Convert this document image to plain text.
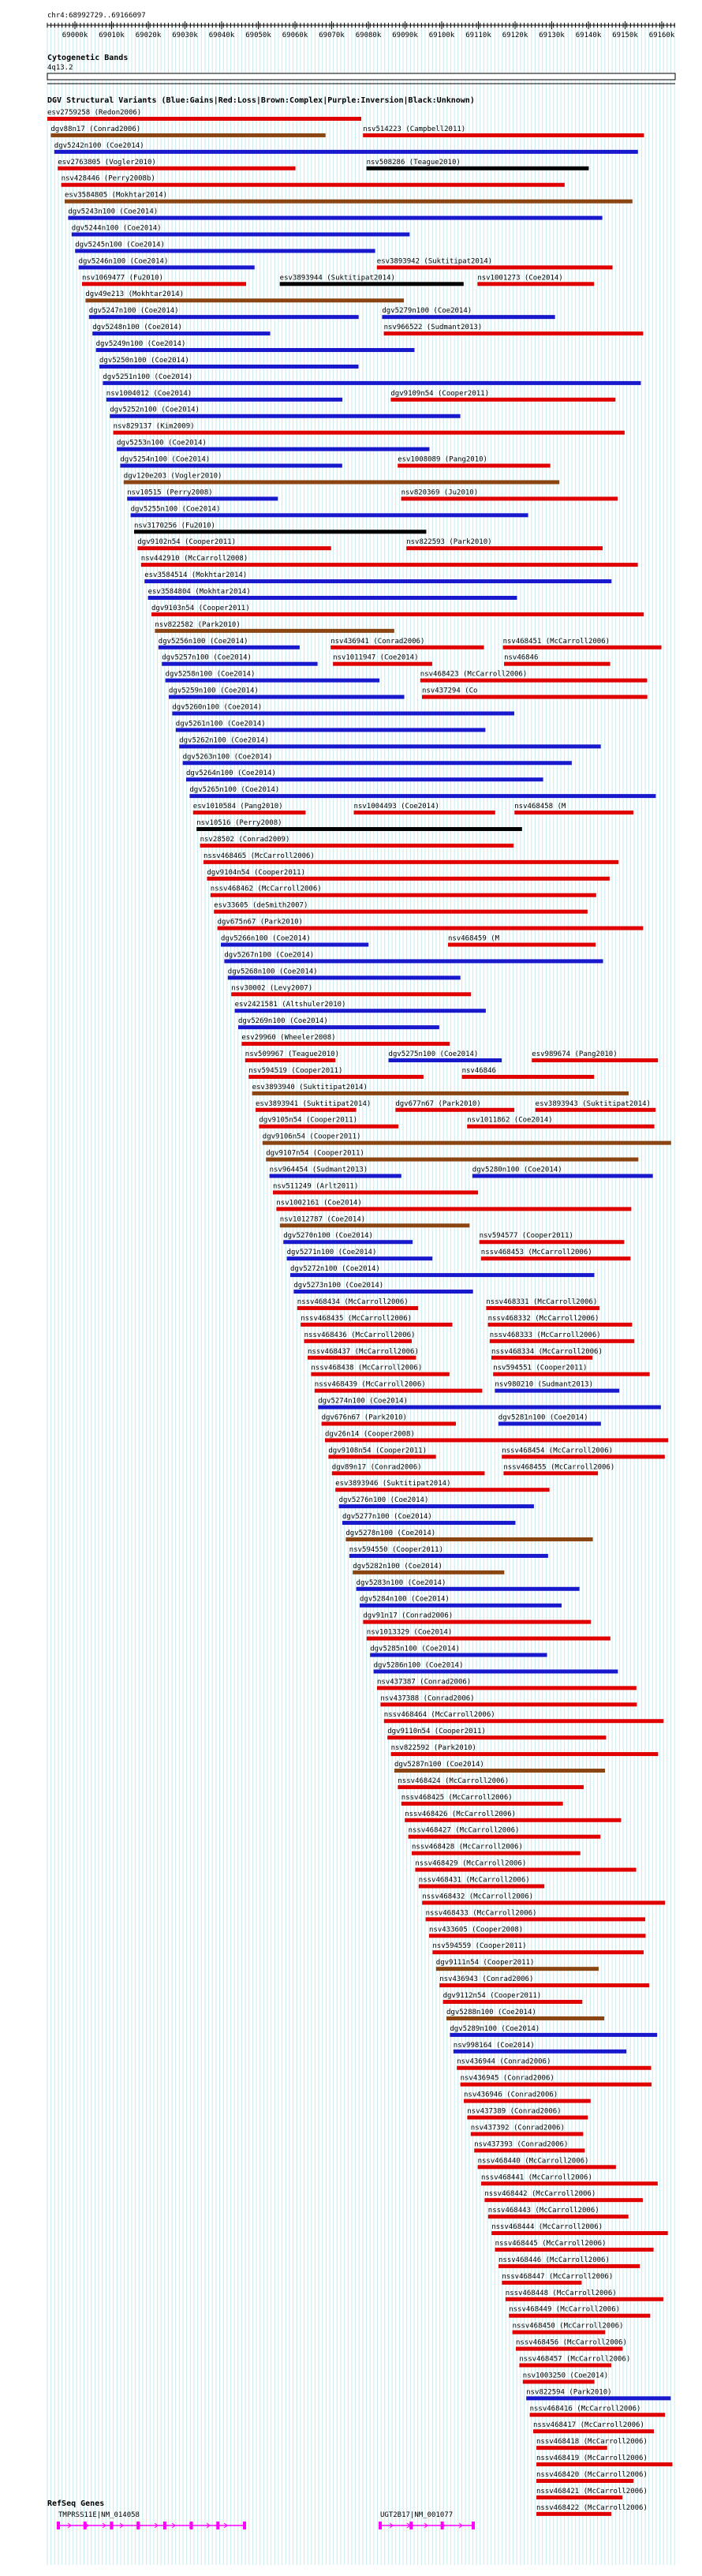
chr4:68992729..69166097
69000k 69010k 69020k 69030k 69040k 69050k 69060k 69070k 69080k 69090k 69100k 69110k 69120k 69130k 69140k 69150k 69160k
Cytogenetic Bands
4q13.2
DGV Structural Variants (Blue:Gains|Red:Loss|Brown:Complex|Purple:Inversion|Black:Unknown)
esv2759258 (Redon2006)
dgv88n17 (Conrad2006)	nsv514223 (Campbell2011)
dgv5242n100 (Coe2014)
esv2763805 (Vogler2010)	nsv508286 (Teague2010)
nsv428446 (Perry2008b)
esv3584805 (Mokhtar2014)
dgv5243n100 (Coe2014)
dgv5244n100 (Coe2014)
dgv5245n100 (Coe2014)
dgv5246n100 (Coe2014)	esv3893942 (Suktitipat2014)
nsv1069477 (Fu2010)	esv3893944 (Suktitipat2014)	nsv1001273 (Coe2014)
dgv49e213 (Mokhtar2014)
dgv5247n100 (Coe2014)	dgv5279n100 (Coe2014)
dgv5248n100 (Coe2014)	nsv966522 (Sudmant2013)
dgv5249n100 (Coe2014)
dgv5250n100 (Coe2014)
dgv5251n100 (Coe2014)
nsv1004012 (Coe2014)	dgv9109n54 (Cooper2011)
dgv5252n100 (Coe2014)
nsv829137 (Kim2009)
dgv5253n100 (Coe2014)
dgv5254n100 (Coe2014)	esv1008089 (Pang2010)
dgv120e203 (Vogler2010)
nsv10515 (Perry2008)	nsv820369 (Ju2010)
dgv5255n100 (Coe2014)
nsv3170256 (Fu2010)
dgv9102n54 (Cooper2011)	nsv822593 (Park2010)
nsv442910 (McCarroll2008)
esv3584514 (Mokhtar2014)
esv3584804 (Mokhtar2014)
dgv9103n54 (Cooper2011)
nsv822582 (Park2010)
dgv5256n100 (Coe2014)	nsv436941 (Conrad2006)	nsv468451 (McCarroll2006)
dgv5257n100 (Coe2014)	nsv1011947 (Coe2014)	nsv46846
dgv5258n100 (Coe2014)	nsv468423 (McCarroll2006)
dgv5259n100 (Coe2014)	nsv437294 (Co
dgv5260n100 (Coe2014)
dgv5261n100 (Coe2014)
dgv5262n100 (Coe2014)
dgv5263n100 (Coe2014)
dgv5264n100 (Coe2014)
dgv5265n100 (Coe2014)
esv1010584 (Pang2010)	nsv1004493 (Coe2014)	nsv468458 (M
nsv10516 (Perry2008)
nsv28502 (Conrad2009)
nssv468465 (McCarroll2006)
dgv9104n54 (Cooper2011)
nssv468462 (McCarroll2006)
esv33605 (deSmith2007)
dgv675n67 (Park2010)
dgv5266n100 (Coe2014)	nsv468459 (M
dgv5267n100 (Coe2014)
dgv5268n100 (Coe2014)
nsv30002 (Levy2007)
esv2421581 (Altshuler2010)
dgv5269n100 (Coe2014)
esv29960 (Wheeler2008)
nsv509967 (Teague2010)	dgv5275n100 (Coe2014)	esv989674 (Pang2010)
nsv594519 (Cooper2011)	nsv46846
esv3893940 (Suktitipat2014)
esv3893941 (Suktitipat2014)	dgv677n67 (Park2010)	esv3893943 (Suktitipat2014)
dgv9105n54 (Cooper2011)	nsv1011862 (Coe2014)
dgv9106n54 (Cooper2011)
dgv9107n54 (Cooper2011)
nsv964454 (Sudmant2013)	dgv5280n100 (Coe2014)
nsv511249 (Arlt2011)
nsv1002161 (Coe2014)
nsv1012787 (Coe2014)
dgv5270n100 (Coe2014)	nsv594577 (Cooper2011)
dgv5271n100 (Coe2014)	nssv468453 (McCarroll2006)
dgv5272n100 (Coe2014)
dgv5273n100 (Coe2014)
nssv468434 (McCarroll2006)	nssv468331 (McCarroll2006)
nssv468435 (McCarroll2006)	nssv468332 (McCarroll2006)
nssv468436 (McCarroll2006)	nssv468333 (McCarroll2006)
nssv468437 (McCarroll2006)	nssv468334 (McCarroll2006)
nssv468438 (McCarroll2006)	nsv594551 (Cooper2011)
nssv468439 (McCarroll2006)	nsv980210 (Sudmant2013)
dgv5274n100 (Coe2014)
dgv676n67 (Park2010)	dgv5281n100 (Coe2014)
dgv26n14 (Cooper2008)
dgv9108n54 (Cooper2011)	nssv468454 (McCarroll2006)
dgv89n17 (Conrad2006)	nssv468455 (McCarroll2006)
esv3893946 (Suktitipat2014)
dgv5276n100 (Coe2014)
dgv5277n100 (Coe2014)
dgv5278n100 (Coe2014)
nsv594550 (Cooper2011)
dgv5282n100 (Coe2014)
dgv5283n100 (Coe2014)
dgv5284n100 (Coe2014)
dgv91n17 (Conrad2006)
nsv1013329 (Coe2014)
dgv5285n100 (Coe2014)
dgv5286n100 (Coe2014)
nsv437387 (Conrad2006)
nsv437388 (Conrad2006)
nssv468464 (McCarroll2006)
dgv9110n54 (Cooper2011)
nsv822592 (Park2010)
dgv5287n100 (Coe2014)
nssv468424 (McCarroll2006)
nssv468425 (McCarroll2006)
nssv468426 (McCarroll2006)
nssv468427 (McCarroll2006)
nssv468428 (McCarroll2006)
nssv468429 (McCarroll2006)
nssv468431 (McCarroll2006)
nssv468432 (McCarroll2006)
nssv468433 (McCarroll2006)
nsv433605 (Cooper2008)
nsv594559 (Cooper2011)
dgv9111n54 (Cooper2011)
nsv436943 (Conrad2006)
dgv9112n54 (Cooper2011)
dgv5288n100 (Coe2014)
dgv5289n100 (Coe2014)
nsv998164 (Coe2014)
nsv436944 (Conrad2006)
nsv436945 (Conrad2006)
nsv436946 (Conrad2006)
nsv437389 (Conrad2006)
nsv437392 (Conrad2006)
nsv437393 (Conrad2006)
nssv468440 (McCarroll2006)
nssv468441 (McCarroll2006)
nssv468442 (McCarroll2006)
nssv468443 (McCarroll2006)
nssv468444 (McCarroll2006)
nssv468445 (McCarroll2006)
nssv468446 (McCarroll2006)
nssv468447 (McCarroll2006)
nssv468448 (McCarroll2006)
nssv468449 (McCarroll2006)
nssv468450 (McCarroll2006)
nssv468456 (McCarroll2006)
nssv468457 (McCarroll2006)
nsv1003250 (Coe2014)
nsv822594 (Park2010)
nssv468416 (McCarroll2006)
nssv468417 (McCarroll2006)
nssv468418 (McCarroll2006)
nssv468419 (McCarroll2006)
nssv468420 (McCarroll2006)
nssv468421 (McCarroll2006)
nssv468422 (McCarroll2006)
RefSeq Genes
TMPRSS11E|NM_014058	UGT2B17|NM_001077
